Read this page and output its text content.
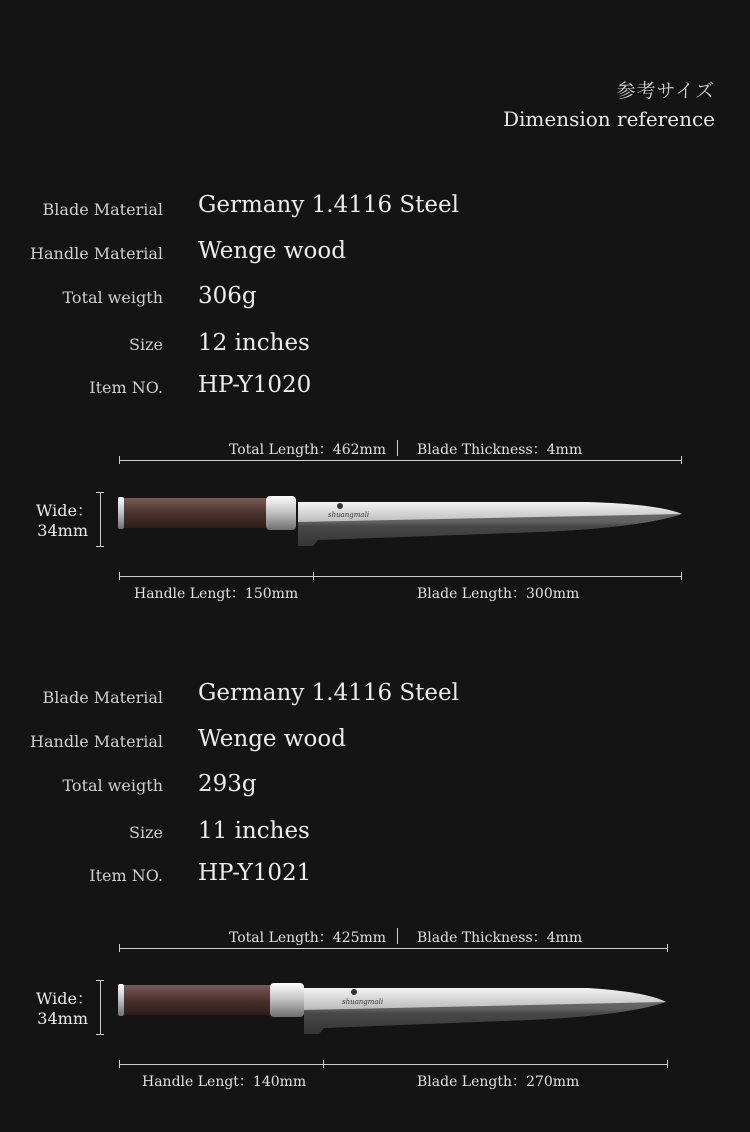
参考サイズ
Dimension reference
Blade Material Germany 1.4116 Steel
Handle Material Wenge wood
Total weigth 306g
Size 12 inches
Item NO. HP-Y1020
Total Length：462mm Blade Thickness：4mm
Wide：
34mm
shuangmali
Handle Lengt：150mm	Blade Length：300mm
Blade Material Germany 1.4116 Steel
Handle Material Wenge wood
Total weigth 293g
Size 11 inches
Item NO. HP-Y1021
Total Length：425mm Blade Thickness：4mm
Wide：
34mm
shuangmali
Handle Lengt：140mm	Blade Length：270mm
